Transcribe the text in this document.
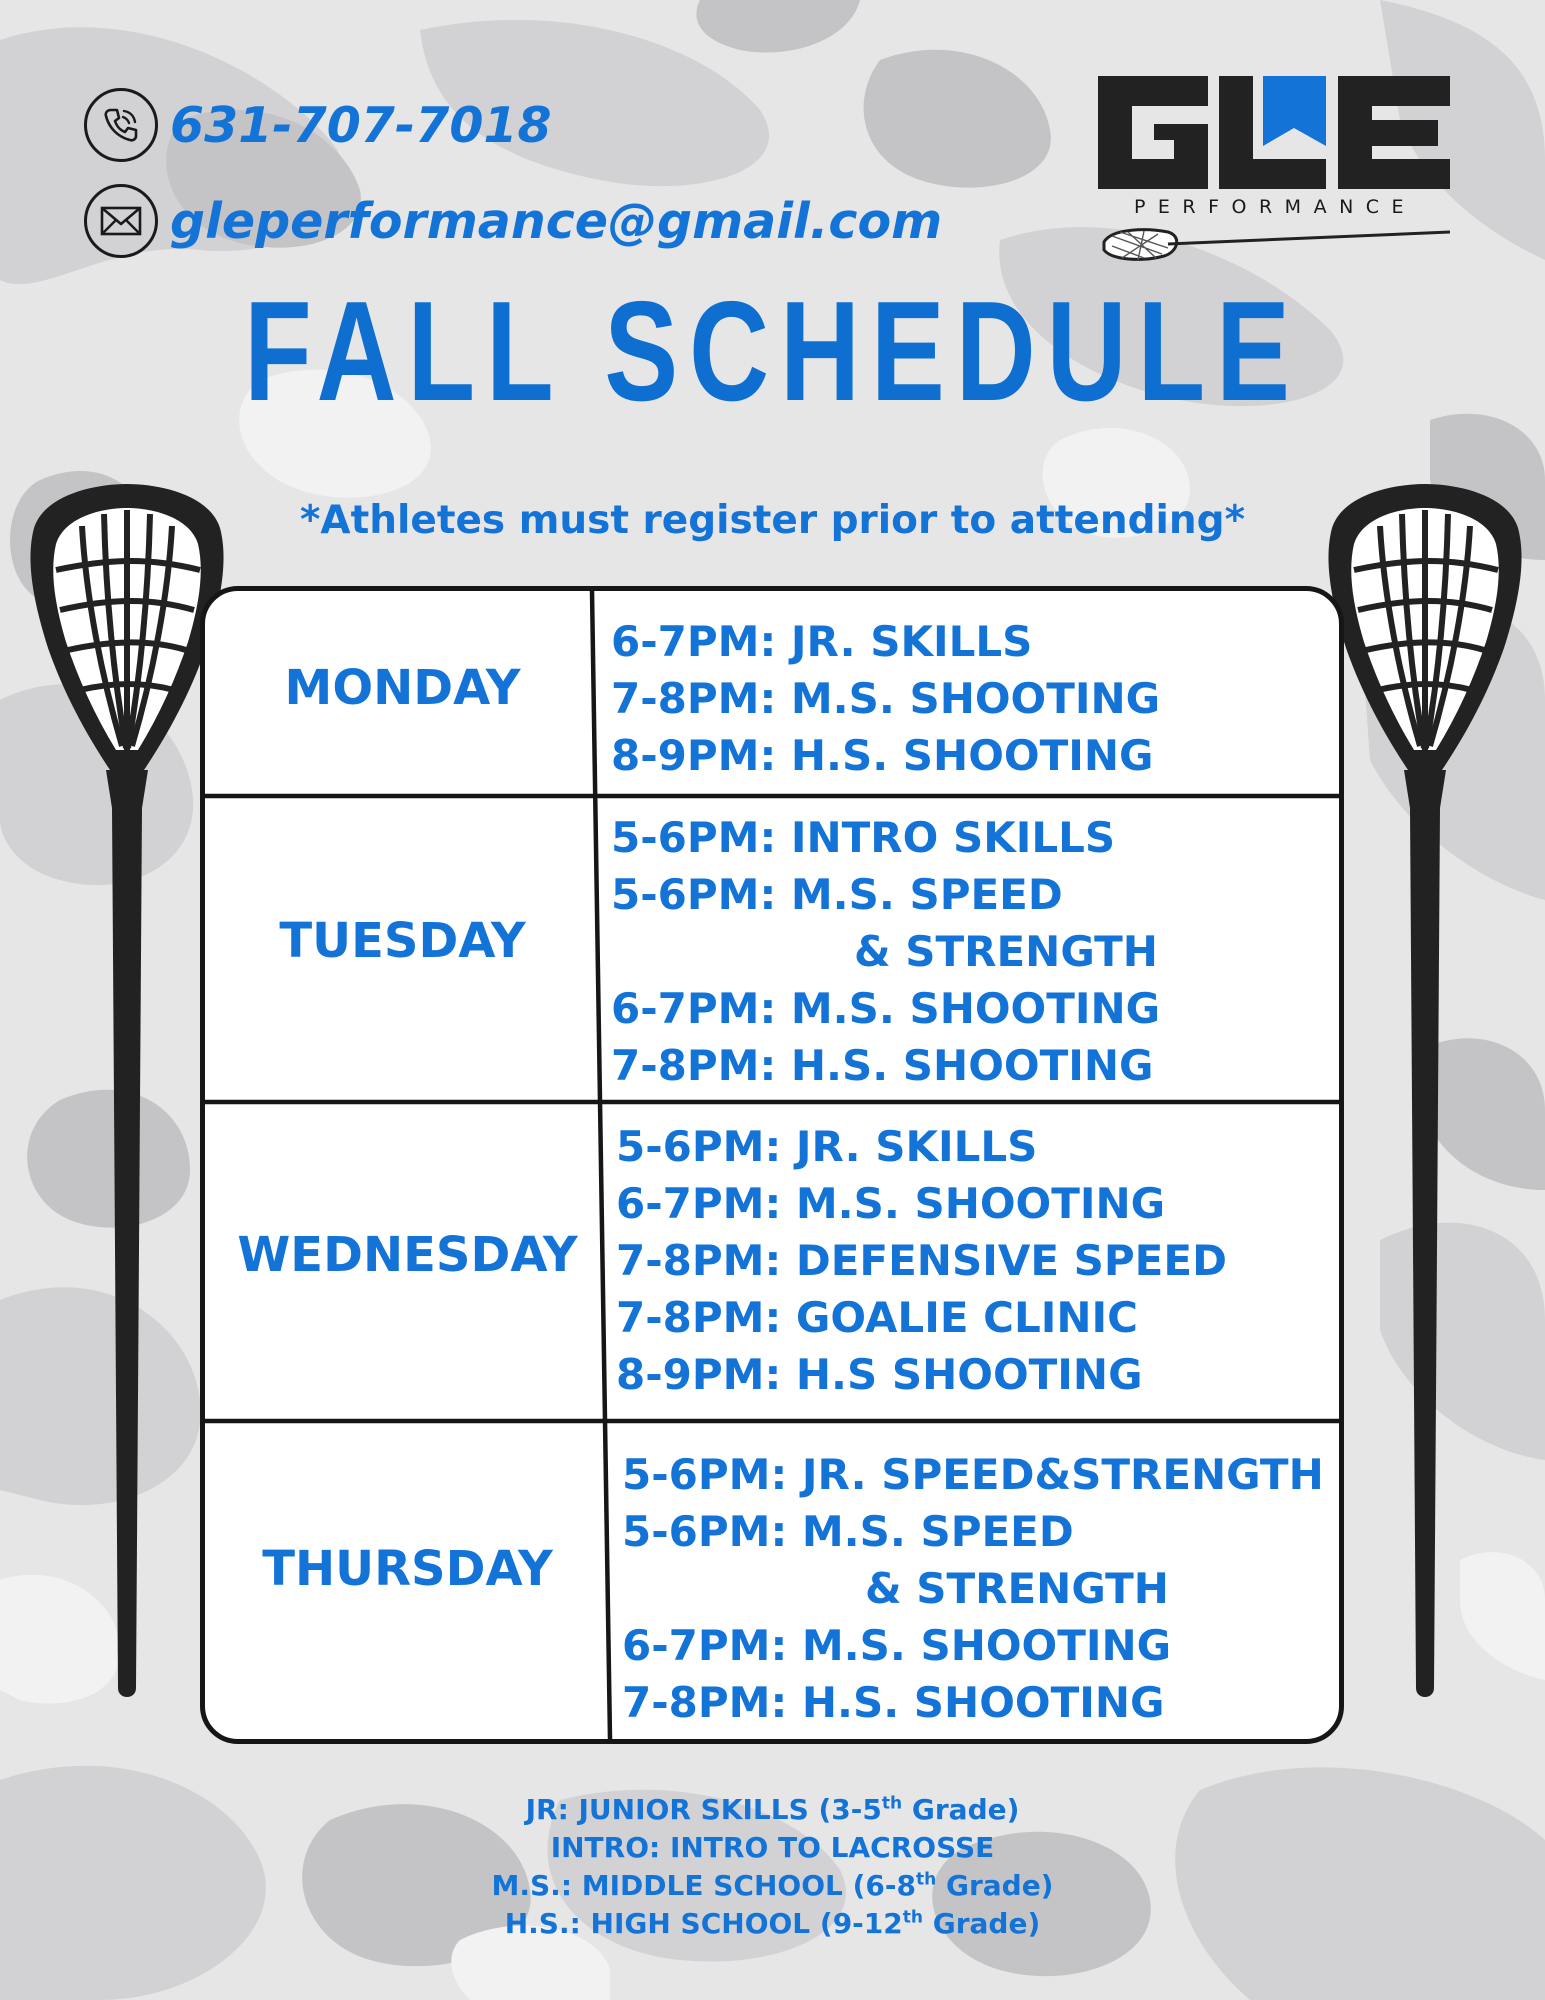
631-707-7018
gleperformance@gmail.com	PERFORMANCE
FALL SCHEDULE
*Athletes must register prior to attending*
MONDAY
6-7PM: JR. SKILLS
7-8PM: M.S. SHOOTING
8-9PM: H.S. SHOOTING
TUESDAY
5-6PM: INTRO SKILLS
5-6PM: M.S. SPEED
& STRENGTH
6-7PM: M.S. SHOOTING
7-8PM: H.S. SHOOTING
WEDNESDAY
5-6PM: JR. SKILLS
6-7PM: M.S. SHOOTING
7-8PM: DEFENSIVE SPEED
7-8PM: GOALIE CLINIC
8-9PM: H.S SHOOTING
THURSDAY
5-6PM: JR. SPEED&STRENGTH
5-6PM: M.S. SPEED
& STRENGTH
6-7PM: M.S. SHOOTING
7-8PM: H.S. SHOOTING
JR: JUNIOR SKILLS (3-5th Grade)
INTRO: INTRO TO LACROSSE
M.S.: MIDDLE SCHOOL (6-8th Grade)
H.S.: HIGH SCHOOL (9-12th Grade)
